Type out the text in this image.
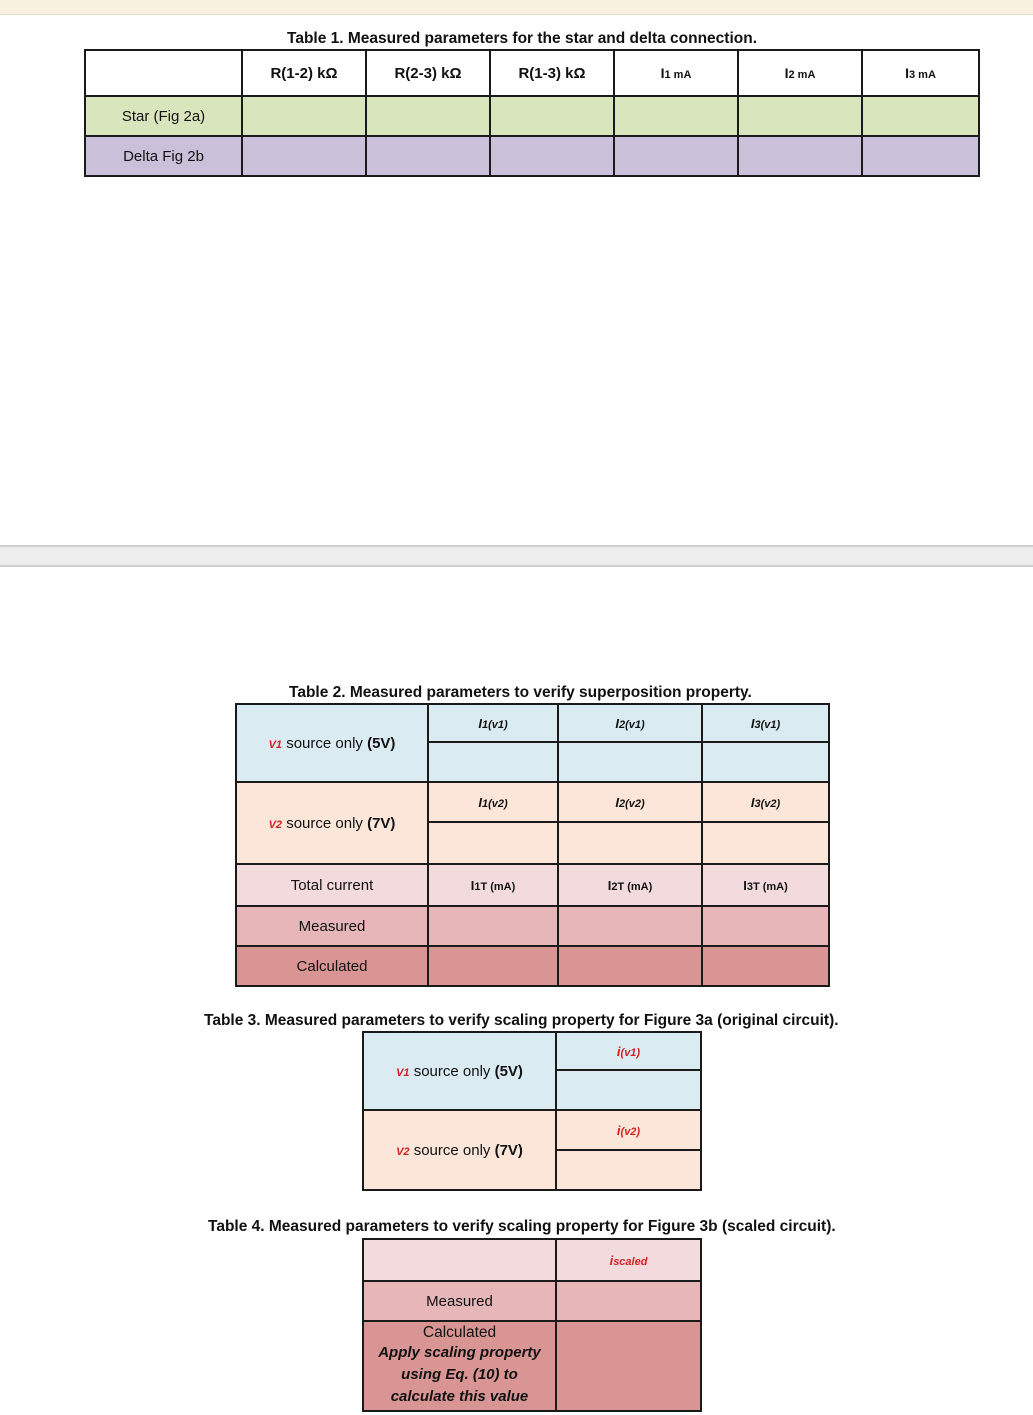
Table 1. Measured parameters for the star and delta connection.
	R(1-2) kΩ	R(2-3) kΩ	R(1-3) kΩ	I1 mA	I2 mA	I3 mA
Star (Fig 2a)						
Delta Fig 2b						
Table 2. Measured parameters to verify superposition property.
V1 source only (5V)	I1(v1)	I2(v1)	I3(v1)

V2 source only (7V)	I1(v2)	I2(v2)	I3(v2)

Total current	I1T (mA)	I2T (mA)	I3T (mA)
Measured			
Calculated			
Table 3. Measured parameters to verify scaling property for Figure 3a (original circuit).
V1 source only (5V)	i(v1)

V2 source only (7V)	i(v2)

Table 4. Measured parameters to verify scaling property for Figure 3b (scaled circuit).
	iscaled
Measured	

Calculated
Apply scaling property using Eq. (10) to calculate this value	
